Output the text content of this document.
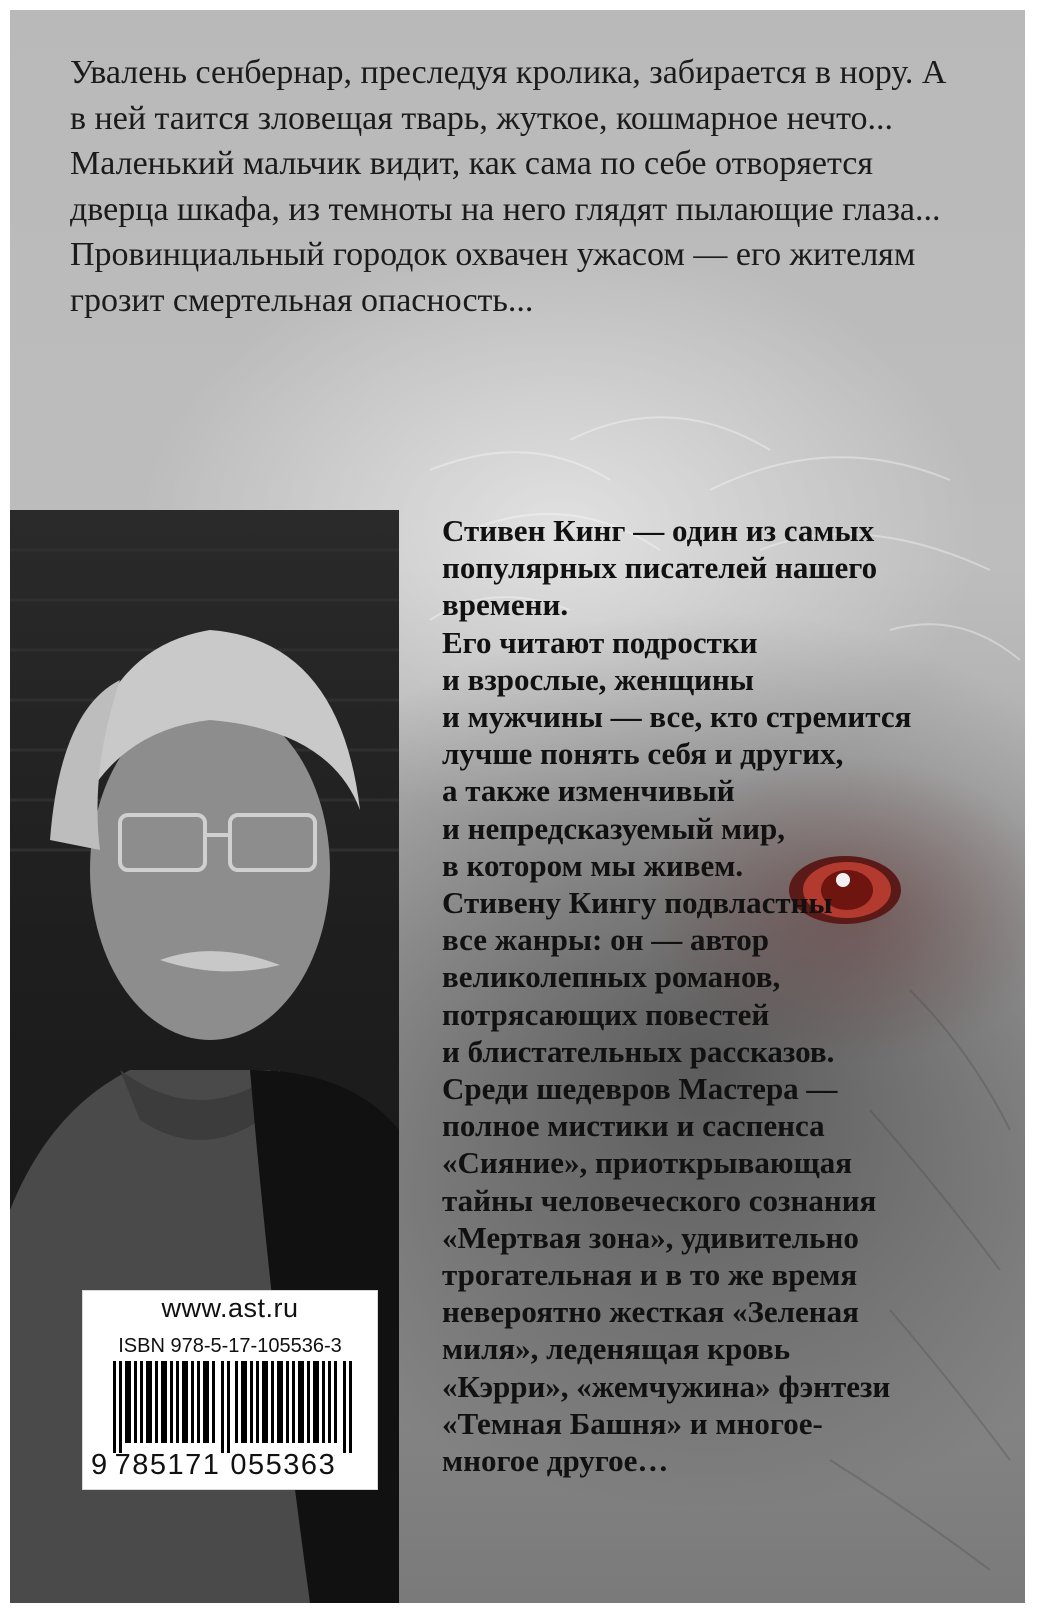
Увалень сенбернар, преследуя кролика, забирается в нору. А в ней таится зловещая тварь, жуткое, кошмарное нечто...

Маленький мальчик видит, как сама по себе отворяется дверца шкафа, из темноты на него глядят пылающие глаза...

Провинциальный городок охвачен ужасом — его жителям грозит смертельная опасность...

Стивен Кинг — один из самых

популярных писателей нашего

времени.

Его читают подростки

и взрослые, женщины

и мужчины — все, кто стремится

лучше понять себя и других,

а также изменчивый

и непредсказуемый мир,

в котором мы живем.

Стивену Кингу подвластны

все жанры: он — автор

великолепных романов,

потрясающих повестей

и блистательных рассказов.

Среди шедевров Мастера —

полное мистики и саспенса

«Сияние», приоткрывающая

тайны человеческого сознания

«Мертвая зона», удивительно

трогательная и в то же время

невероятно жесткая «Зеленая

миля», леденящая кровь

«Кэрри», «жемчужина» фэнтези

«Темная Башня» и многое-

многое другое…

www.ast.ru
ISBN 978-5-17-105536-3
9 785171 055363
